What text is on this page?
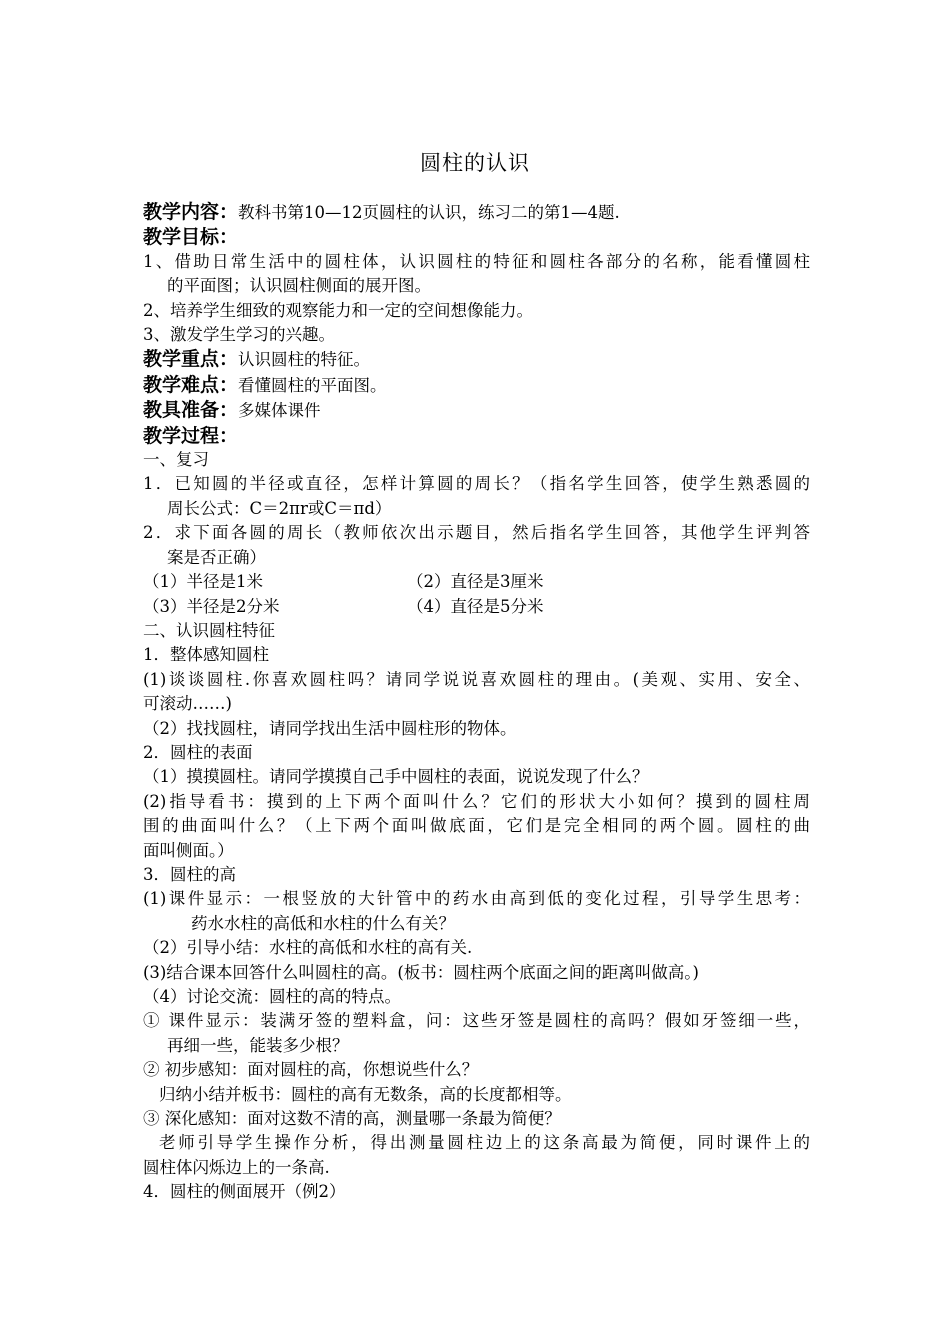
圆柱的认识
教学内容：教科书第10—12页圆柱的认识，练习二的第1—4题.
教学目标：
1、借助日常生活中的圆柱体，认识圆柱的特征和圆柱各部分的名称，能看懂圆柱
的平面图；认识圆柱侧面的展开图。
2、培养学生细致的观察能力和一定的空间想像能力。
3、激发学生学习的兴趣。
教学重点：认识圆柱的特征。
教学难点：看懂圆柱的平面图。
教具准备：多媒体课件
教学过程：
一、复习
1．已知圆的半径或直径，怎样计算圆的周长？（指名学生回答，使学生熟悉圆的
周长公式：C＝2πr或C＝πd）
2．求下面各圆的周长（教师依次出示题目，然后指名学生回答，其他学生评判答
案是否正确）
（1）半径是1米	（2）直径是3厘米
（3）半径是2分米	（4）直径是5分米
二、认识圆柱特征
1．整体感知圆柱
(1)谈谈圆柱.你喜欢圆柱吗？请同学说说喜欢圆柱的理由。(美观、实用、安全、
可滚动……)
（2）找找圆柱，请同学找出生活中圆柱形的物体。
2．圆柱的表面
（1）摸摸圆柱。请同学摸摸自己手中圆柱的表面，说说发现了什么？
(2)指导看书：摸到的上下两个面叫什么？它们的形状大小如何？摸到的圆柱周
围的曲面叫什么？（上下两个面叫做底面，它们是完全相同的两个圆。圆柱的曲
面叫侧面。）
3．圆柱的高
(1)课件显示：一根竖放的大针管中的药水由高到低的变化过程，引导学生思考：
药水水柱的高低和水柱的什么有关？
（2）引导小结：水柱的高低和水柱的高有关.
(3)结合课本回答什么叫圆柱的高。(板书：圆柱两个底面之间的距离叫做高。)
（4）讨论交流：圆柱的高的特点。
① 课件显示：装满牙签的塑料盒，问：这些牙签是圆柱的高吗？假如牙签细一些，
再细一些，能装多少根？
② 初步感知：面对圆柱的高，你想说些什么？
归纳小结并板书：圆柱的高有无数条，高的长度都相等。
③ 深化感知：面对这数不清的高，测量哪一条最为简便？
老师引导学生操作分析，得出测量圆柱边上的这条高最为简便，同时课件上的
圆柱体闪烁边上的一条高.
4．圆柱的侧面展开（例2）
